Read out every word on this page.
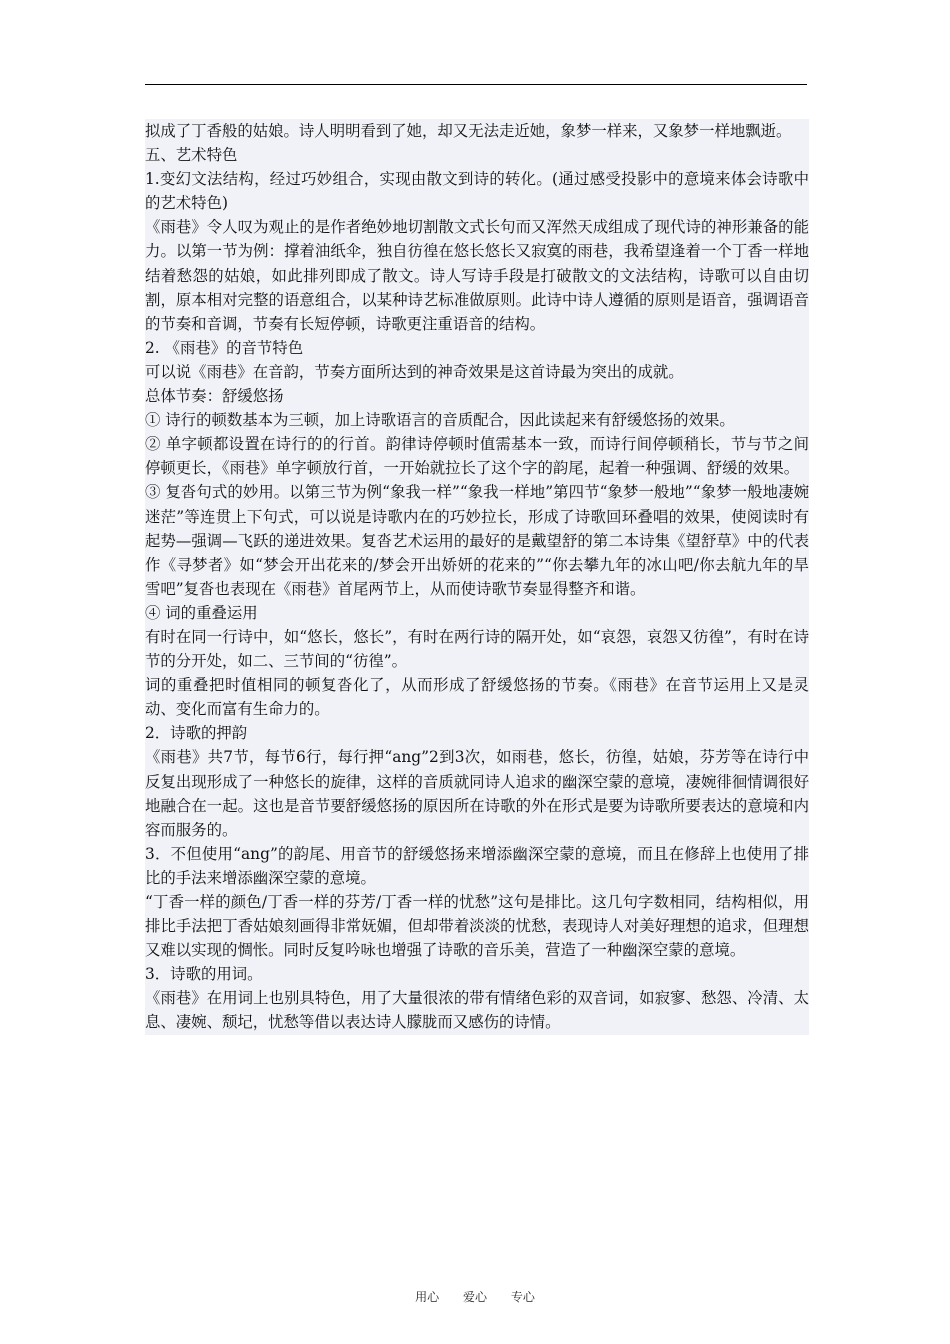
拟成了丁香般的姑娘。诗人明明看到了她，却又无法走近她，象梦一样来，又象梦一样地飘逝。

五、艺术特色

1.变幻文法结构，经过巧妙组合，实现由散文到诗的转化。(通过感受投影中的意境来体会诗歌中的艺术特色)

《雨巷》令人叹为观止的是作者绝妙地切割散文式长句而又浑然天成组成了现代诗的神形兼备的能力。以第一节为例：撑着油纸伞，独自彷徨在悠长悠长又寂寞的雨巷，我希望逢着一个丁香一样地结着愁怨的姑娘，如此排列即成了散文。诗人写诗手段是打破散文的文法结构，诗歌可以自由切割，原本相对完整的语意组合，以某种诗艺标准做原则。此诗中诗人遵循的原则是语音，强调语音的节奏和音调，节奏有长短停顿，诗歌更注重语音的结构。

2. 《雨巷》的音节特色

可以说《雨巷》在音韵，节奏方面所达到的神奇效果是这首诗最为突出的成就。

总体节奏：舒缓悠扬

① 诗行的顿数基本为三顿，加上诗歌语言的音质配合，因此读起来有舒缓悠扬的效果。

② 单字顿都设置在诗行的的行首。韵律诗停顿时值需基本一致，而诗行间停顿稍长，节与节之间停顿更长，《雨巷》单字顿放行首，一开始就拉长了这个字的韵尾，起着一种强调、舒缓的效果。

③ 复沓句式的妙用。以第三节为例“象我一样”“象我一样地”第四节“象梦一般地”“象梦一般地凄婉迷茫”等连贯上下句式，可以说是诗歌内在的巧妙拉长，形成了诗歌回环叠唱的效果，使阅读时有起势—强调—飞跃的递进效果。复沓艺术运用的最好的是戴望舒的第二本诗集《望舒草》中的代表作《寻梦者》如“梦会开出花来的/梦会开出娇妍的花来的”“你去攀九年的冰山吧/你去航九年的旱雪吧”复沓也表现在《雨巷》首尾两节上，从而使诗歌节奏显得整齐和谐。

④ 词的重叠运用

有时在同一行诗中，如“悠长，悠长”，有时在两行诗的隔开处，如“哀怨，哀怨又彷徨”，有时在诗节的分开处，如二、三节间的“彷徨”。

词的重叠把时值相同的顿复沓化了，从而形成了舒缓悠扬的节奏。《雨巷》在音节运用上又是灵动、变化而富有生命力的。

2．诗歌的押韵

《雨巷》共7节，每节6行，每行押“ang”2到3次，如雨巷，悠长，彷徨，姑娘，芬芳等在诗行中反复出现形成了一种悠长的旋律，这样的音质就同诗人追求的幽深空蒙的意境，凄婉徘徊情调很好地融合在一起。这也是音节要舒缓悠扬的原因所在诗歌的外在形式是要为诗歌所要表达的意境和内容而服务的。

3．不但使用“ang”的韵尾、用音节的舒缓悠扬来增添幽深空蒙的意境，而且在修辞上也使用了排比的手法来增添幽深空蒙的意境。

“丁香一样的颜色/丁香一样的芬芳/丁香一样的忧愁”这句是排比。这几句字数相同，结构相似，用排比手法把丁香姑娘刻画得非常妩媚，但却带着淡淡的忧愁，表现诗人对美好理想的追求，但理想又难以实现的惆怅。同时反复吟咏也增强了诗歌的音乐美，营造了一种幽深空蒙的意境。

3．诗歌的用词。

《雨巷》在用词上也别具特色，用了大量很浓的带有情绪色彩的双音词，如寂寥、愁怨、冷清、太息、凄婉、颓圮，忧愁等借以表达诗人朦胧而又感伤的诗情。

用心 爱心 专心
